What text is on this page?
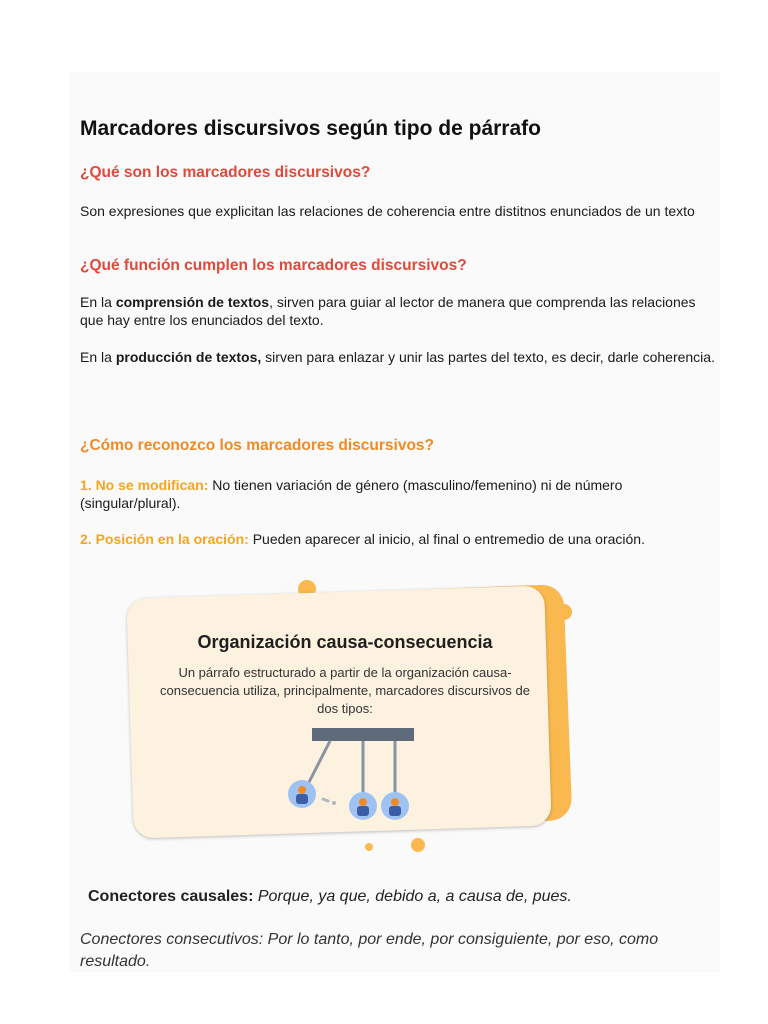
Marcadores discursivos según tipo de párrafo
¿Qué son los marcadores discursivos?
Son expresiones que explicitan las relaciones de coherencia entre distitnos enunciados de un texto
¿Qué función cumplen los marcadores discursivos?
En la comprensión de textos, sirven para guiar al lector de manera que comprenda las relaciones que hay entre los enunciados del texto.
En la producción de textos, sirven para enlazar y unir las partes del texto, es decir, darle coherencia.
¿Cómo reconozco los marcadores discursivos?
1. No se modifican: No tienen variación de género (masculino/femenino) ni de número (singular/plural).
2. Posición en la oración: Pueden aparecer al inicio, al final o entremedio de una oración.
Organización causa-consecuencia
Un párrafo estructurado a partir de la organización causa-consecuencia utiliza, principalmente, marcadores discursivos de dos tipos:
Conectores causales: Porque, ya que, debido a, a causa de, pues.
Conectores consecutivos: Por lo tanto, por ende, por consiguiente, por eso, como resultado.
